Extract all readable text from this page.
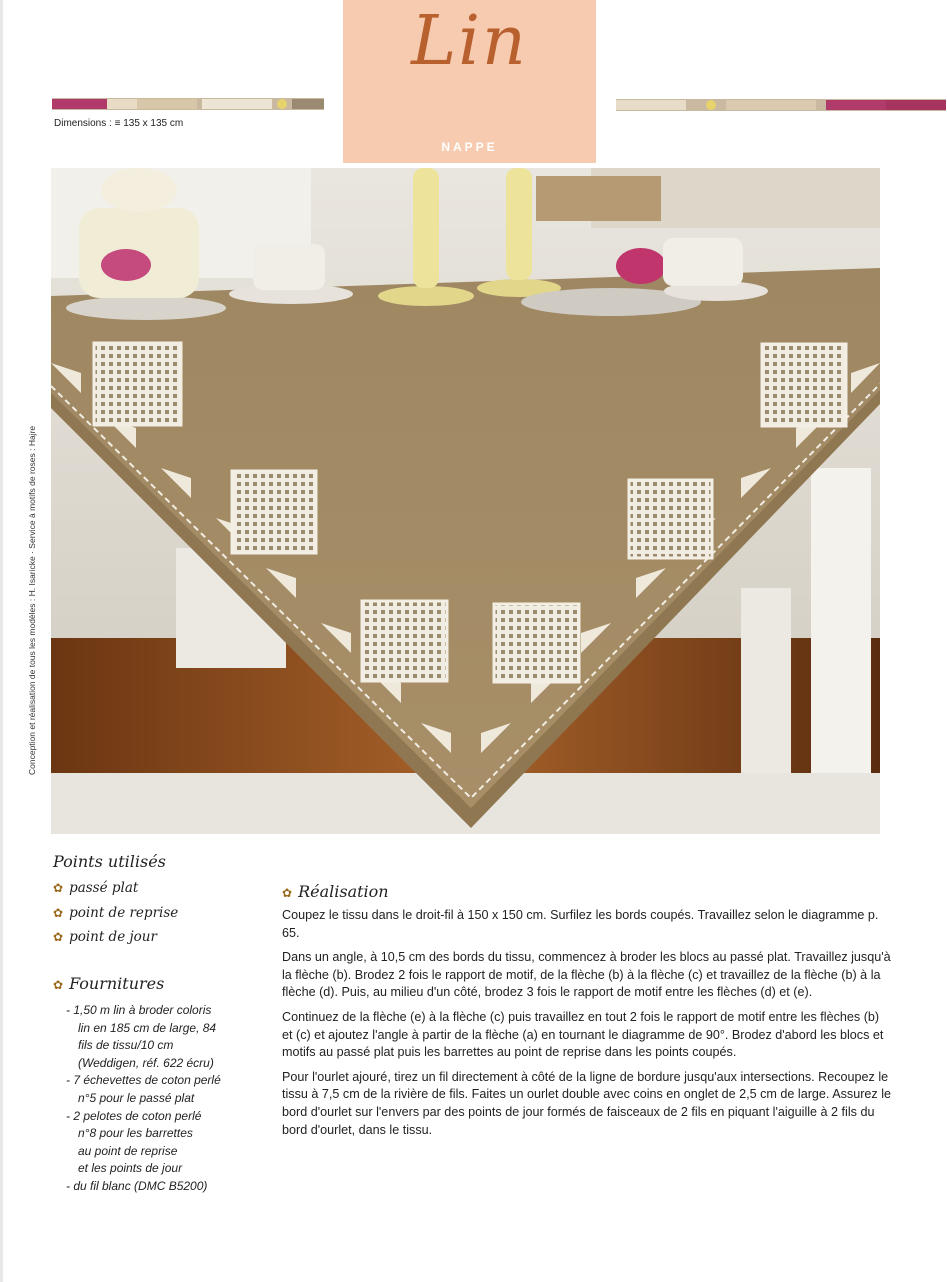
Lin
NAPPE
Dimensions : ≡ 135 x 135 cm
Conception et réalisation de tous les modèles : H. Isaricke · Service à motifs de roses : Hajre
Points utilisés
✿ passé plat
✿ point de reprise
✿ point de jour
✿ Fournitures
- 1,50 m lin à broder coloris
lin en 185 cm de large, 84
fils de tissu/10 cm
(Weddigen, réf. 622 écru)
- 7 échevettes de coton perlé
n°5 pour le passé plat
- 2 pelotes de coton perlé
n°8 pour les barrettes
au point de reprise
et les points de jour
- du fil blanc (DMC B5200)
✿ Réalisation

Coupez le tissu dans le droit-fil à 150 x 150 cm. Surfilez les bords coupés. Travaillez selon le diagramme p. 65.

Dans un angle, à 10,5 cm des bords du tissu, commencez à broder les blocs au passé plat. Travaillez jusqu'à la flèche (b). Brodez 2 fois le rapport de motif, de la flèche (b) à la flèche (c) et travaillez de la flèche (b) à la flèche (d). Puis, au milieu d'un côté, brodez 3 fois le rapport de motif entre les flèches (d) et (e).

Continuez de la flèche (e) à la flèche (c) puis travaillez en tout 2 fois le rapport de motif entre les flèches (b) et (c) et ajoutez l'angle à partir de la flèche (a) en tournant le diagramme de 90°. Brodez d'abord les blocs et motifs au passé plat puis les barrettes au point de reprise dans les points coupés.

Pour l'ourlet ajouré, tirez un fil directement à côté de la ligne de bordure jusqu'aux intersections. Recoupez le tissu à 7,5 cm de la rivière de fils. Faites un ourlet double avec coins en onglet de 2,5 cm de large. Assurez le bord d'ourlet sur l'envers par des points de jour formés de faisceaux de 2 fils en piquant l'aiguille à 2 fils du bord d'ourlet, dans le tissu.
